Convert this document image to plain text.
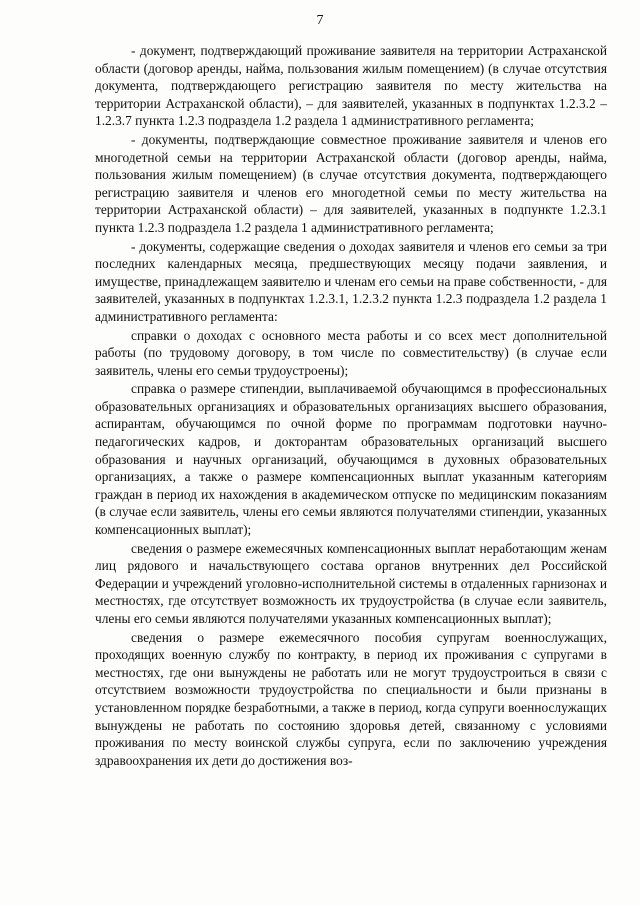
7

- документ, подтверждающий проживание заявителя на территории Астраханской области (договор аренды, найма, пользования жилым помещением) (в случае отсутствия документа, подтверждающего регистрацию заявителя по месту жительства на территории Астраханской области), – для заявителей, указанных в подпунктах 1.2.3.2 – 1.2.3.7 пункта 1.2.3 подраздела 1.2 раздела 1 административного регламента;

- документы, подтверждающие совместное проживание заявителя и членов его многодетной семьи на территории Астраханской области (договор аренды, найма, пользования жилым помещением) (в случае отсутствия документа, подтверждающего регистрацию заявителя и членов его многодетной семьи по месту жительства на территории Астраханской области) – для заявителей, указанных в подпункте 1.2.3.1 пункта 1.2.3 подраздела 1.2 раздела 1 административного регламента;

- документы, содержащие сведения о доходах заявителя и членов его семьи за три последних календарных месяца, предшествующих месяцу подачи заявления, и имуществе, принадлежащем заявителю и членам его семьи на праве собственности, - для заявителей, указанных в подпунктах 1.2.3.1, 1.2.3.2 пункта 1.2.3 подраздела 1.2 раздела 1 административного регламента:

справки о доходах с основного места работы и со всех мест дополнительной работы (по трудовому договору, в том числе по совместительству) (в случае если заявитель, члены его семьи трудоустроены);

справка о размере стипендии, выплачиваемой обучающимся в профессиональных образовательных организациях и образовательных организациях высшего образования, аспирантам, обучающимся по очной форме по программам подготовки научно-педагогических кадров, и докторантам образовательных организаций высшего образования и научных организаций, обучающимся в духовных образовательных организациях, а также о размере компенсационных выплат указанным категориям граждан в период их нахождения в академическом отпуске по медицинским показаниям (в случае если заявитель, члены его семьи являются получателями стипендии, указанных компенсационных выплат);

сведения о размере ежемесячных компенсационных выплат неработающим женам лиц рядового и начальствующего состава органов внутренних дел Российской Федерации и учреждений уголовно-исполнительной системы в отдаленных гарнизонах и местностях, где отсутствует возможность их трудоустройства (в случае если заявитель, члены его семьи являются получателями указанных компенсационных выплат);

сведения о размере ежемесячного пособия супругам военнослужащих, проходящих военную службу по контракту, в период их проживания с супругами в местностях, где они вынуждены не работать или не могут трудоустроиться в связи с отсутствием возможности трудоустройства по специальности и были признаны в установленном порядке безработными, а также в период, когда супруги военнослужащих вынуждены не работать по состоянию здоровья детей, связанному с условиями проживания по месту воинской службы супруга, если по заключению учреждения здравоохранения их дети до достижения воз-
